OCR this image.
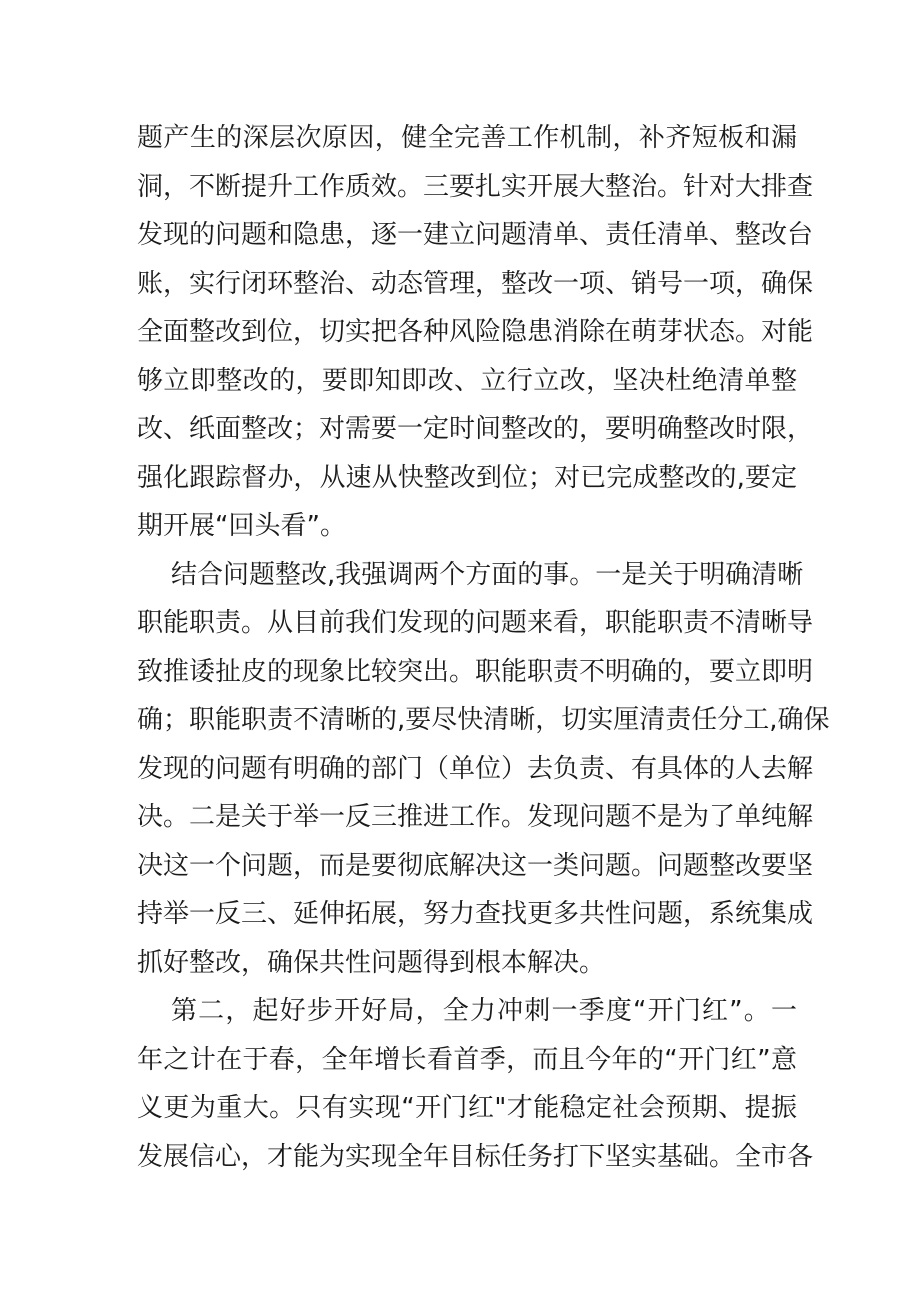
题产生的深层次原因，健全完善工作机制，补齐短板和漏
洞，不断提升工作质效。三要扎实开展大整治。针对大排查
发现的问题和隐患，逐一建立问题清单、责任清单、整改台
账，实行闭环整治、动态管理，整改一项、销号一项，确保
全面整改到位，切实把各种风险隐患消除在萌芽状态。对能
够立即整改的，要即知即改、立行立改，坚决杜绝清单整
改、纸面整改；对需要一定时间整改的，要明确整改时限，
强化跟踪督办，从速从快整改到位；对已完成整改的,要定
期开展“回头看”。
结合问题整改,我强调两个方面的事。一是关于明确清晰
职能职责。从目前我们发现的问题来看，职能职责不清晰导
致推诿扯皮的现象比较突出。职能职责不明确的，要立即明
确；职能职责不清晰的,要尽快清晰，切实厘清责任分工,确保
发现的问题有明确的部门（单位）去负责、有具体的人去解
决。二是关于举一反三推进工作。发现问题不是为了单纯解
决这一个问题，而是要彻底解决这一类问题。问题整改要坚
持举一反三、延伸拓展，努力查找更多共性问题，系统集成
抓好整改，确保共性问题得到根本解决。
第二，起好步开好局，全力冲刺一季度“开门红”。一
年之计在于春，全年增长看首季，而且今年的“开门红”意
义更为重大。只有实现“开门红"才能稳定社会预期、提振
发展信心，才能为实现全年目标任务打下坚实基础。全市各
